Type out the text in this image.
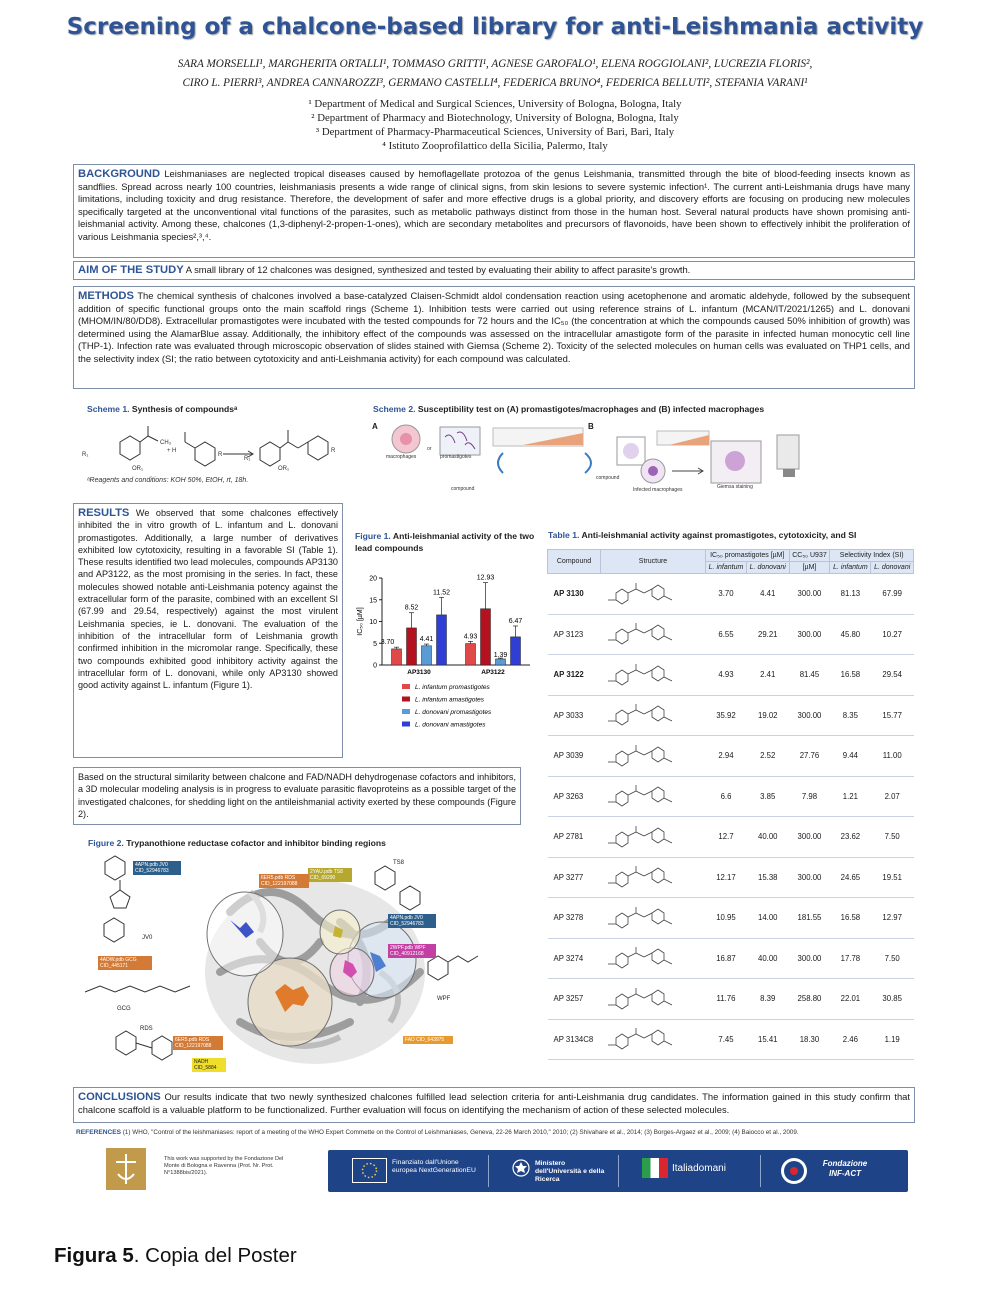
Screening of a chalcone-based library for anti-Leishmania activity
SARA MORSELLI¹, MARGHERITA ORTALLI¹, TOMMASO GRITTI¹, AGNESE GAROFALO¹, ELENA ROGGIOLANI², LUCREZIA FLORIS²,
CIRO L. PIERRI³, ANDREA CANNAROZZI³, GERMANO CASTELLI⁴, FEDERICA BRUNO⁴, FEDERICA BELLUTI², STEFANIA VARANI¹
¹ Department of Medical and Surgical Sciences, University of Bologna, Bologna, Italy
² Department of Pharmacy and Biotechnology, University of Bologna, Bologna, Italy
³ Department of Pharmacy-Pharmaceutical Sciences, University of Bari, Bari, Italy
⁴ Istituto Zooprofilattico della Sicilia, Palermo, Italy
BACKGROUND Leishmaniases are neglected tropical diseases caused by hemoflagellate protozoa of the genus Leishmania, transmitted through the bite of blood-feeding insects known as sandflies. Spread across nearly 100 countries, leishmaniasis presents a wide range of clinical signs, from skin lesions to severe systemic infection¹. The current anti-Leishmania drugs have many limitations, including toxicity and drug resistance. Therefore, the development of safer and more effective drugs is a global priority, and discovery efforts are focusing on producing new molecules specifically targeted at the unconventional vital functions of the parasites, such as metabolic pathways distinct from those in the human host. Several natural products have shown promising anti-leishmanial activity. Among these, chalcones (1,3-diphenyl-2-propen-1-ones), which are secondary metabolites and precursors of flavonoids, have been shown to effectively inhibit the proliferation of various Leishmania species²,³,⁴.
AIM OF THE STUDY A small library of 12 chalcones was designed, synthesized and tested by evaluating their ability to affect parasite's growth.
METHODS The chemical synthesis of chalcones involved a base-catalyzed Claisen-Schmidt aldol condensation reaction using acetophenone and aromatic aldehyde, followed by the subsequent addition of specific functional groups onto the main scaffold rings (Scheme 1). Inhibition tests were carried out using reference strains of L. infantum (MCAN/IT/2021/1265) and L. donovani (MHOM/IN/80/DD8). Extracellular promastigotes were incubated with the tested compounds for 72 hours and the IC₅₀ (the concentration at which the compounds caused 50% inhibition of growth) was determined using the AlamarBlue assay. Additionally, the inhibitory effect of the compounds was assessed on the intracellular amastigote form of the parasite in infected human monocytic cell line (THP-1). Infection rate was evaluated through microscopic observation of slides stained with Giemsa (Scheme 2). Toxicity of the selected molecules on human cells was evaluated on THP1 cells, and the selectivity index (SI; the ratio between cytotoxicity and anti-Leishmania activity) for each compound was calculated.
Scheme 1. Synthesis of compoundsᵃ
R₁
OR₁
CH₃
H
R
+
R₁
OR₁
R
ᵃReagents and conditions: KOH 50%, EtOH, rt, 18h.
Scheme 2. Susceptibility test on (A) promastigotes/macrophages and (B) infected macrophages
A	B
macrophages	promastigotes
or
compound
compound
Infected macrophages	Giemsa staining
RESULTS We observed that some chalcones effectively inhibited the in vitro growth of L. infantum and L. donovani promastigotes. Additionally, a large number of derivatives exhibited low cytotoxicity, resulting in a favorable SI (Table 1). These results identified two lead molecules, compounds AP3130 and AP3122, as the most promising in the series. In fact, these molecules showed notable anti-Leishmania potency against the extracellular form of the parasite, combined with an excellent SI (67.99 and 29.54, respectively) against the most virulent Leishmania species, ie L. donovani. The evaluation of the inhibition of the intracellular form of Leishmania growth confirmed inhibition in the micromolar range. Specifically, these two compounds exhibited good inhibitory activity against the intracellular form of L. donovani, while only AP3130 showed good activity against L. infantum (Figure 1).
Figure 1. Anti-leishmanial activity of the two lead compounds
0
5
10
15
20
IC₅₀ [µM]
3.70
8.52
4.41
11.52
AP3130
4.93
12.93
1.39
6.47
AP3122
L. infantum promastigotes
L. infantum amastigotes
L. donovani promastigotes
L. donovani amastigotes
Based on the structural similarity between chalcone and FAD/NADH dehydrogenase cofactors and inhibitors, a 3D molecular modeling analysis is in progress to evaluate parasitic flavoproteins as a possible target of the investigated chalcones, for shedding light on the antileishmanial activity exerted by these compounds (Figure 2).
Figure 2. Trypanothione reductase cofactor and inhibitor binding regions
JV0
GCG
RDS
WPF
TS8
4APN.pdb JV0 CID_52946783	2YAU.pdb TS8 CID_69290
6ER5.pdb RDS CID_122197088
4APN.pdb JV0 CID_52946783
2WPF.pdb WPF CID_40912168
4ADW.pdb GCG CID_445171
6ER5.pdb RDS CID_122197088
FAD CID_643975
NADH CID_5884
Table 1. Anti-leishmanial activity against promastigotes, cytotoxicity, and SI
Compound	Structure	IC₅₀ promastigotes [µM]		CC₅₀ U937	Selectivity Index (SI)	
		L. infantum	L. donovani	[µM]	L. infantum	L. donovani
AP 3130		3.70	4.41	300.00	81.13	67.99
AP 3123		6.55	29.21	300.00	45.80	10.27
AP 3122		4.93	2.41	81.45	16.58	29.54
AP 3033		35.92	19.02	300.00	8.35	15.77
AP 3039		2.94	2.52	27.76	9.44	11.00
AP 3263		6.6	3.85	7.98	1.21	2.07
AP 2781		12.7	40.00	300.00	23.62	7.50
AP 3277		12.17	15.38	300.00	24.65	19.51
AP 3278		10.95	14.00	181.55	16.58	12.97
AP 3274		16.87	40.00	300.00	17.78	7.50
AP 3257		11.76	8.39	258.80	22.01	30.85
AP 3134C8		7.45	15.41	18.30	2.46	1.19
CONCLUSIONS Our results indicate that two newly synthesized chalcones fulfilled lead selection criteria for anti-Leishmania drug candidates. The information gained in this study confirm that chalcone scaffold is a valuable platform to be functionalized. Further evaluation will focus on identifying the mechanism of action of these selected molecules.
REFERENCES (1) WHO, "Control of the leishmaniases: report of a meeting of the WHO Expert Commette on the Control of Leishmaniases, Geneva, 22-26 March 2010," 2010; (2) Shivahare et al., 2014; (3) Borges-Argaez et al., 2009; (4) Baiocco et al., 2009.
This work was supported by the Fondazione Del Monte di Bologna e Ravenna (Prot. Nr. Prot. N°1388bis/2021).
Finanziato dall'Unione europea NextGenerationEU
Ministero dell'Università e della Ricerca
Italiadomani	Fondazione INF-ACT
Figura 5. Copia del Poster
